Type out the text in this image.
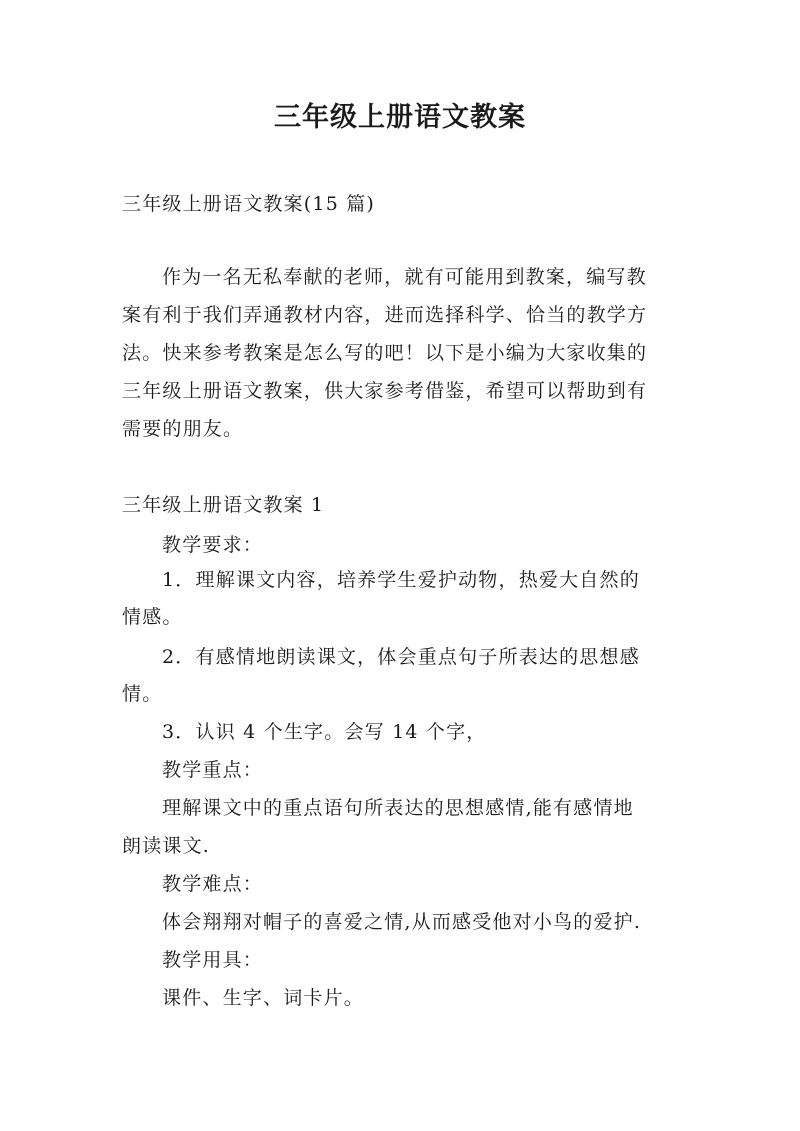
三年级上册语文教案

三年级上册语文教案(15 篇)

作为一名无私奉献的老师，就有可能用到教案，编写教

案有利于我们弄通教材内容，进而选择科学、恰当的教学方

法。快来参考教案是怎么写的吧！以下是小编为大家收集的

三年级上册语文教案，供大家参考借鉴，希望可以帮助到有

需要的朋友。

三年级上册语文教案 1

教学要求：

1．理解课文内容，培养学生爱护动物，热爱大自然的

情感。

2．有感情地朗读课文，体会重点句子所表达的思想感

情。

3．认识 4 个生字。会写 14 个字，

教学重点：

理解课文中的重点语句所表达的思想感情,能有感情地

朗读课文.

教学难点：

体会翔翔对帽子的喜爱之情,从而感受他对小鸟的爱护.

教学用具：

课件、生字、词卡片。
